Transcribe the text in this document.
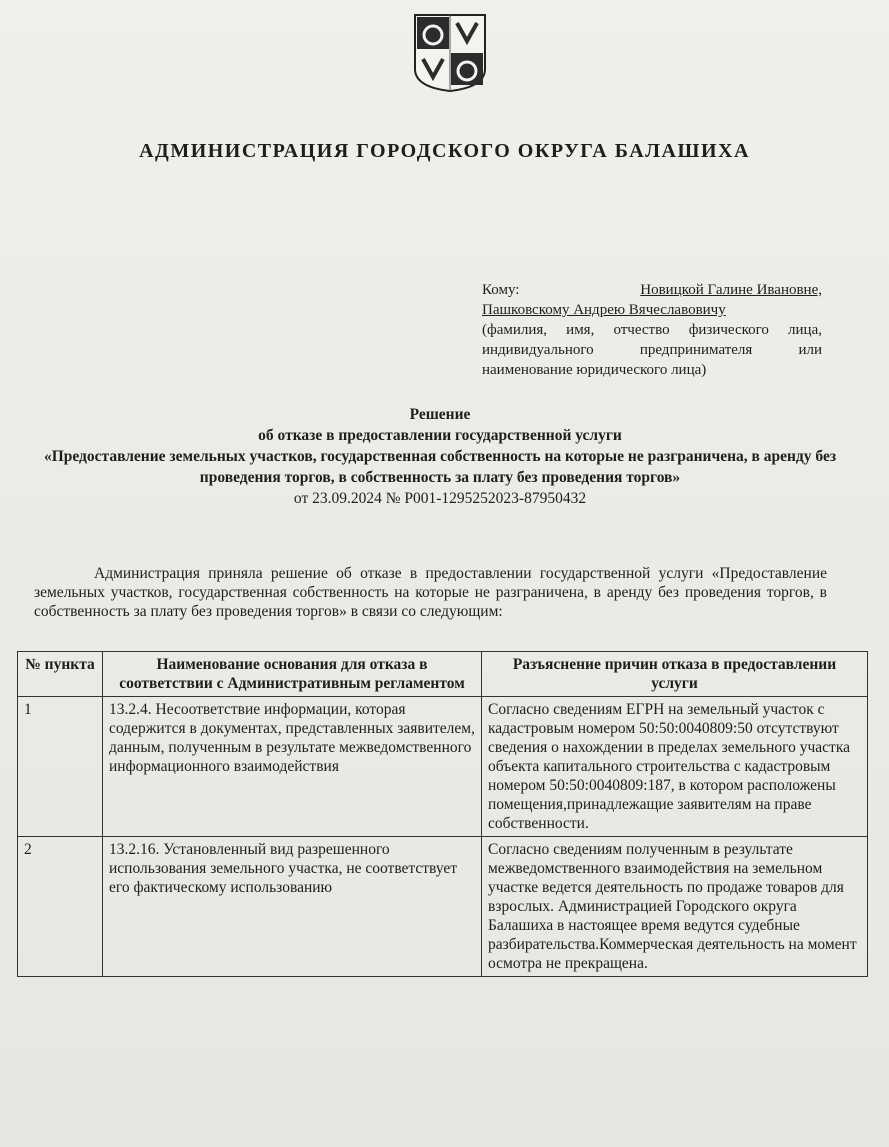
АДМИНИСТРАЦИЯ ГОРОДСКОГО ОКРУГА БАЛАШИХА
Кому:	Новицкой Галине Ивановне,
Пашковскому Андрею Вячеславовичу
(фамилия, имя, отчество физического лица, индивидуального предпринимателя или наименование юридического лица)
Решение
об отказе в предоставлении государственной услуги
«Предоставление земельных участков, государственная собственность на которые не разграничена, в аренду без проведения торгов, в собственность за плату без проведения торгов»
от 23.09.2024 № Р001-1295252023-87950432
Администрация приняла решение об отказе в предоставлении государственной услуги «Предоставление земельных участков, государственная собственность на которые не разграничена, в аренду без проведения торгов, в собственность за плату без проведения торгов» в связи со следующим:
№ пункта	Наименование основания для отказа в соответствии с Административным регламентом	Разъяснение причин отказа в предоставлении услуги
1	13.2.4. Несоответствие информации, которая содержится в документах, представленных заявителем, данным, полученным в результате межведомственного информационного взаимодействия	Согласно сведениям ЕГРН на земельный участок с кадастровым номером 50:50:0040809:50 отсутствуют сведения о нахождении в пределах земельного участка объекта капитального строительства с кадастровым номером 50:50:0040809:187, в котором расположены помещения,принадлежащие заявителям на праве собственности.
2	13.2.16. Установленный вид разрешенного использования земельного участка, не соответствует его фактическому использованию	Согласно сведениям полученным в результате межведомственного взаимодействия на земельном участке ведется деятельность по продаже товаров для взрослых. Администрацией Городского округа Балашиха в настоящее время ведутся судебные разбирательства.Коммерческая деятельность на момент осмотра не прекращена.
